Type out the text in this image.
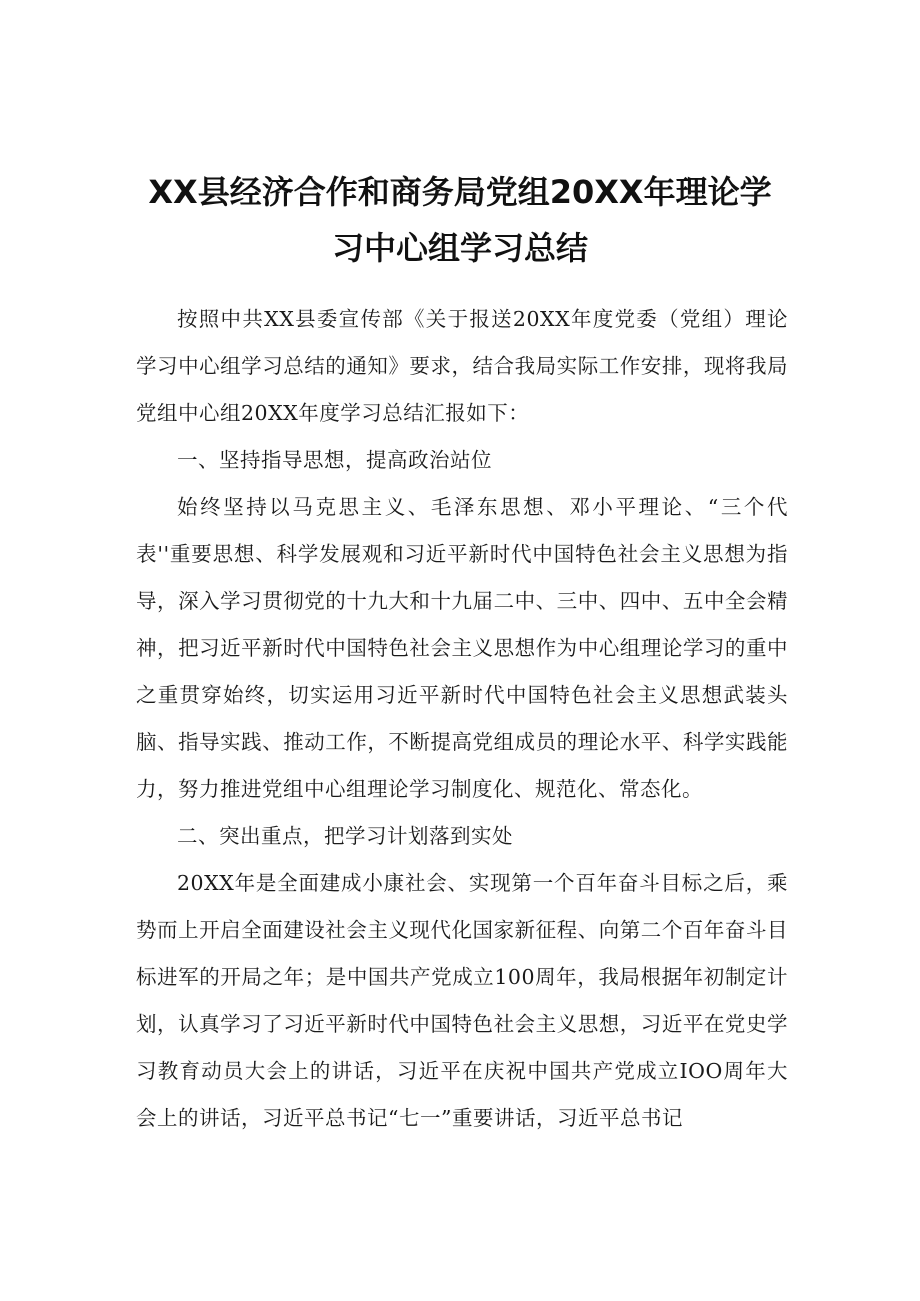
XX县经济合作和商务局党组20XX年理论学
习中心组学习总结

按照中共XX县委宣传部《关于报送20XX年度党委（党组）理论学习中心组学习总结的通知》要求，结合我局实际工作安排，现将我局党组中心组20XX年度学习总结汇报如下：

一、坚持指导思想，提高政治站位

始终坚持以马克思主义、毛泽东思想、邓小平理论、“三个代表''重要思想、科学发展观和习近平新时代中国特色社会主义思想为指导，深入学习贯彻党的十九大和十九届二中、三中、四中、五中全会精神，把习近平新时代中国特色社会主义思想作为中心组理论学习的重中之重贯穿始终，切实运用习近平新时代中国特色社会主义思想武装头脑、指导实践、推动工作，不断提高党组成员的理论水平、科学实践能力，努力推进党组中心组理论学习制度化、规范化、常态化。

二、突出重点，把学习计划落到实处

20XX年是全面建成小康社会、实现第一个百年奋斗目标之后，乘势而上开启全面建设社会主义现代化国家新征程、向第二个百年奋斗目标进军的开局之年；是中国共产党成立100周年，我局根据年初制定计划，认真学习了习近平新时代中国特色社会主义思想，习近平在党史学习教育动员大会上的讲话，习近平在庆祝中国共产党成立IOO周年大会上的讲话，习近平总书记“七一”重要讲话，习近平总书记
